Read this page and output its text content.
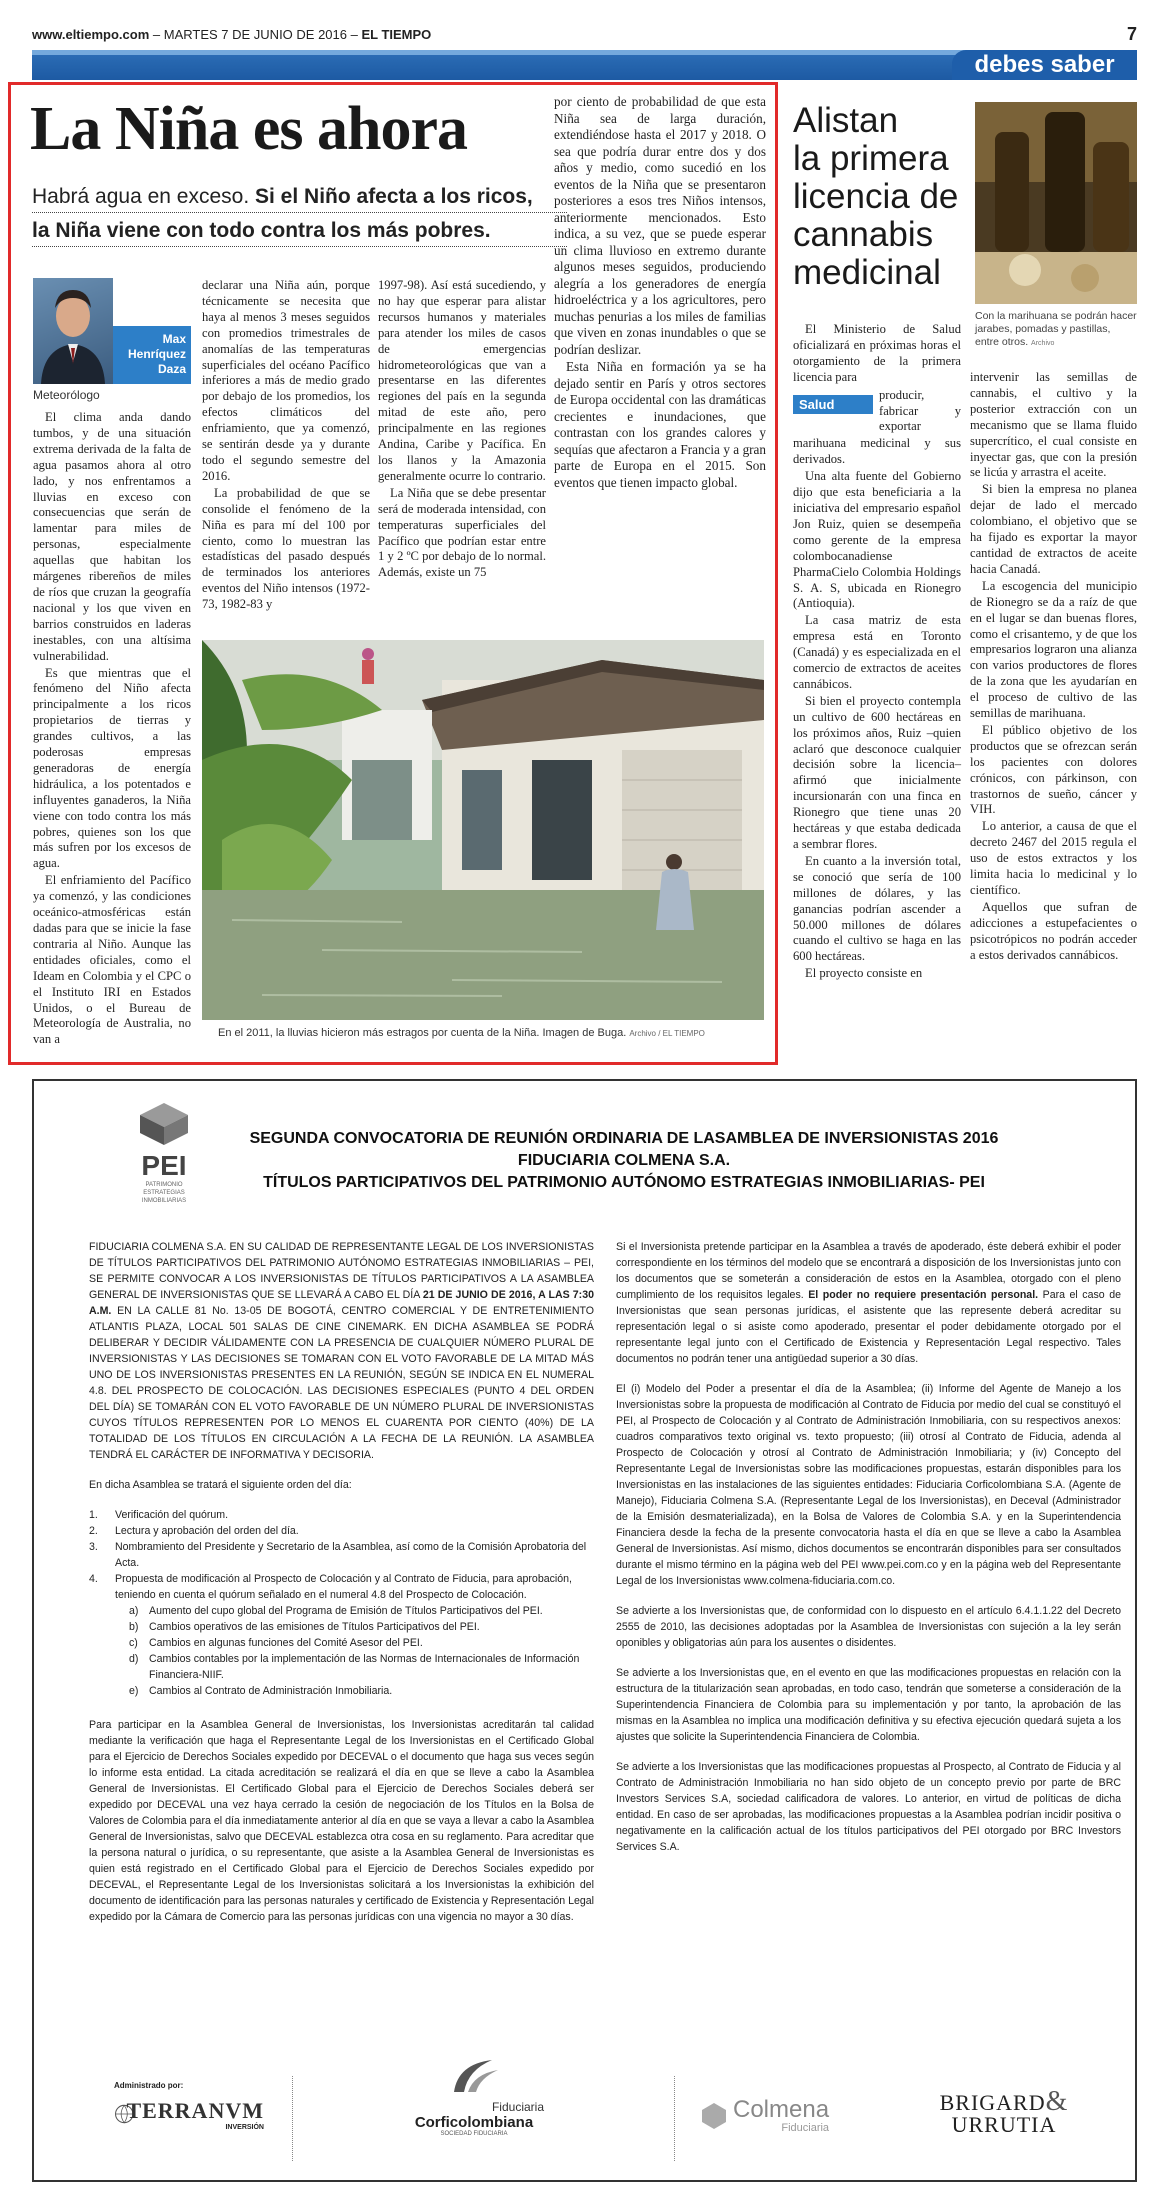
www.eltiempo.com – MARTES 7 DE JUNIO DE 2016 – EL TIEMPO	7
debes saber
La Niña es ahora
Habrá agua en exceso. Si el Niño afecta a los ricos,
la Niña viene con todo contra los más pobres.
Max
Henríquez
Daza
Meteorólogo

El clima anda dando tumbos, y de una situación extrema derivada de la falta de agua pasamos ahora al otro lado, y nos enfrentamos a lluvias en exceso con consecuencias que serán de lamentar para miles de personas, especialmente aquellas que habitan los márgenes ribereños de miles de ríos que cruzan la geografía nacional y los que viven en barrios construidos en laderas inestables, con una altísima vulnerabilidad.

Es que mientras que el fenómeno del Niño afecta principalmente a los ricos propietarios de tierras y grandes cultivos, a las poderosas empresas generadoras de energía hidráulica, a los potentados e influyentes ganaderos, la Niña viene con todo contra los más pobres, quienes son los que más sufren por los excesos de agua.

El enfriamiento del Pacífico ya comenzó, y las condiciones oceánico-atmosféricas están dadas para que se inicie la fase contraria al Niño. Aunque las entidades oficiales, como el Ideam en Colombia y el CPC o el Instituto IRI en Estados Unidos, o el Bureau de Meteorología de Australia, no van a

declarar una Niña aún, porque técnicamente se necesita que haya al menos 3 meses seguidos con promedios trimestrales de anomalías de las temperaturas superficiales del océano Pacífico inferiores a más de medio grado por debajo de los promedios, los efectos climáticos del enfriamiento, que ya comenzó, se sentirán desde ya y durante todo el segundo semestre del 2016.

La probabilidad de que se consolide el fenómeno de la Niña es para mí del 100 por ciento, como lo muestran las estadísticas del pasado después de terminados los anteriores eventos del Niño intensos (1972-73, 1982-83 y

1997-98). Así está sucediendo, y no hay que esperar para alistar recursos humanos y materiales para atender los miles de casos de emergencias hidrometeorológicas que van a presentarse en las diferentes regiones del país en la segunda mitad de este año, pero principalmente en las regiones Andina, Caribe y Pacífica. En los llanos y la Amazonia generalmente ocurre lo contrario.

La Niña que se debe presentar será de moderada intensidad, con temperaturas superficiales del Pacífico que podrían estar entre 1 y 2 ºC por debajo de lo normal. Además, existe un 75

por ciento de probabilidad de que esta Niña sea de larga duración, extendiéndose hasta el 2017 y 2018. O sea que podría durar entre dos y dos años y medio, como sucedió en los eventos de la Niña que se presentaron posteriores a esos tres Niños intensos, anteriormente mencionados. Esto indica, a su vez, que se puede esperar un clima lluvioso en extremo durante algunos meses seguidos, produciendo alegría a los generadores de energía hidroeléctrica y a los agricultores, pero muchas penurias a los miles de familias que viven en zonas inundables o que se podrían deslizar.

Esta Niña en formación ya se ha dejado sentir en París y otros sectores de Europa occidental con las dramáticas crecientes e inundaciones, que contrastan con los grandes calores y sequías que afectaron a Francia y a gran parte de Europa en el 2015. Son eventos que tienen impacto global.

En el 2011, la lluvias hicieron más estragos por cuenta de la Niña. Imagen de Buga. Archivo / EL TIEMPO
Alistan
la primera
licencia de
cannabis
medicinal
Con la marihuana se podrán hacer jarabes, pomadas y pastillas, entre otros. Archivo

El Ministerio de Salud oficializará en próximas horas el otorgamiento de la primera licencia para

Salud

producir, fabricar y exportar

marihuana medicinal y sus derivados.

Una alta fuente del Gobierno dijo que esta beneficiaria a la iniciativa del empresario español Jon Ruiz, quien se desempeña como gerente de la empresa colombocanadiense PharmaCielo Colombia Holdings S. A. S, ubicada en Rionegro (Antioquia).

La casa matriz de esta empresa está en Toronto (Canadá) y es especializada en el comercio de extractos de aceites cannábicos.

Si bien el proyecto contempla un cultivo de 600 hectáreas en los próximos años, Ruiz –quien aclaró que desconoce cualquier decisión sobre la licencia– afirmó que inicialmente incursionarán con una finca en Rionegro que tiene unas 20 hectáreas y que estaba dedicada a sembrar flores.

En cuanto a la inversión total, se conoció que sería de 100 millones de dólares, y las ganancias podrían ascender a 50.000 millones de dólares cuando el cultivo se haga en las 600 hectáreas.

El proyecto consiste en

intervenir las semillas de cannabis, el cultivo y la posterior extracción con un mecanismo que se llama fluido supercrítico, el cual consiste en inyectar gas, que con la presión se licúa y arrastra el aceite.

Si bien la empresa no planea dejar de lado el mercado colombiano, el objetivo que se ha fijado es exportar la mayor cantidad de extractos de aceite hacia Canadá.

La escogencia del municipio de Rionegro se da a raíz de que en el lugar se dan buenas flores, como el crisantemo, y de que los empresarios lograron una alianza con varios productores de flores de la zona que les ayudarían en el proceso de cultivo de las semillas de marihuana.

El público objetivo de los productos que se ofrezcan serán los pacientes con dolores crónicos, con párkinson, con trastornos de sueño, cáncer y VIH.

Lo anterior, a causa de que el decreto 2467 del 2015 regula el uso de estos extractos y los limita hacia lo medicinal y lo científico.

Aquellos que sufran de adicciones a estupefacientes o psicotrópicos no podrán acceder a estos derivados cannábicos.

PEI
PATRIMONIO ESTRATEGIAS INMOBILIARIAS
SEGUNDA CONVOCATORIA DE REUNIÓN ORDINARIA DE LASAMBLEA DE INVERSIONISTAS 2016
FIDUCIARIA COLMENA S.A.
TÍTULOS PARTICIPATIVOS DEL PATRIMONIO AUTÓNOMO ESTRATEGIAS INMOBILIARIAS- PEI
FIDUCIARIA COLMENA S.A. EN SU CALIDAD DE REPRESENTANTE LEGAL DE LOS INVERSIONISTAS DE TÍTULOS PARTICIPATIVOS DEL PATRIMONIO AUTÓNOMO ESTRATEGIAS INMOBILIARIAS – PEI, SE PERMITE CONVOCAR A LOS INVERSIONISTAS DE TÍTULOS PARTICIPATIVOS A LA ASAMBLEA GENERAL DE INVERSIONISTAS QUE SE LLEVARÁ A CABO EL DÍA 21 DE JUNIO DE 2016, A LAS 7:30 A.M. EN LA CALLE 81 No. 13-05 DE BOGOTÁ, CENTRO COMERCIAL Y DE ENTRETENIMIENTO ATLANTIS PLAZA, LOCAL 501 SALAS DE CINE CINEMARK. EN DICHA ASAMBLEA SE PODRÁ DELIBERAR Y DECIDIR VÁLIDAMENTE CON LA PRESENCIA DE CUALQUIER NÚMERO PLURAL DE INVERSIONISTAS Y LAS DECISIONES SE TOMARAN CON EL VOTO FAVORABLE DE LA MITAD MÁS UNO DE LOS INVERSIONISTAS PRESENTES EN LA REUNIÓN, SEGÚN SE INDICA EN EL NUMERAL 4.8. DEL PROSPECTO DE COLOCACIÓN. LAS DECISIONES ESPECIALES (PUNTO 4 DEL ORDEN DEL DÍA) SE TOMARÁN CON EL VOTO FAVORABLE DE UN NÚMERO PLURAL DE INVERSIONISTAS CUYOS TÍTULOS REPRESENTEN POR LO MENOS EL CUARENTA POR CIENTO (40%) DE LA TOTALIDAD DE LOS TÍTULOS EN CIRCULACIÓN A LA FECHA DE LA REUNIÓN. LA ASAMBLEA TENDRÁ EL CARÁCTER DE INFORMATIVA Y DECISORIA.
En dicha Asamblea se tratará el siguiente orden del día:
1.	Verificación del quórum.
2.	Lectura y aprobación del orden del día.
3.	Nombramiento del Presidente y Secretario de la Asamblea, así como de la Comisión Aprobatoria del Acta.
4.	Propuesta de modificación al Prospecto de Colocación y al Contrato de Fiducia, para aprobación, teniendo en cuenta el quórum señalado en el numeral 4.8 del Prospecto de Colocación.
a) Aumento del cupo global del Programa de Emisión de Títulos Participativos del PEI.
b) Cambios operativos de las emisiones de Títulos Participativos del PEI.
c)	Cambios en algunas funciones del Comité Asesor del PEI.
d) Cambios contables por la implementación de las Normas de Internacionales de Información Financiera-NIIF.
e) Cambios al Contrato de Administración Inmobiliaria.
Para participar en la Asamblea General de Inversionistas, los Inversionistas acreditarán tal calidad mediante la verificación que haga el Representante Legal de los Inversionistas en el Certificado Global para el Ejercicio de Derechos Sociales expedido por DECEVAL o el documento que haga sus veces según lo informe esta entidad. La citada acreditación se realizará el día en que se lleve a cabo la Asamblea General de Inversionistas. El Certificado Global para el Ejercicio de Derechos Sociales deberá ser expedido por DECEVAL una vez haya cerrado la cesión de negociación de los Títulos en la Bolsa de Valores de Colombia para el día inmediatamente anterior al día en que se vaya a llevar a cabo la Asamblea General de Inversionistas, salvo que DECEVAL establezca otra cosa en su reglamento. Para acreditar que la persona natural o jurídica, o su representante, que asiste a la Asamblea General de Inversionistas es quien está registrado en el Certificado Global para el Ejercicio de Derechos Sociales expedido por DECEVAL, el Representante Legal de los Inversionistas solicitará a los Inversionistas la exhibición del documento de identificación para las personas naturales y certificado de Existencia y Representación Legal expedido por la Cámara de Comercio para las personas jurídicas con una vigencia no mayor a 30 días.
Si el Inversionista pretende participar en la Asamblea a través de apoderado, éste deberá exhibir el poder correspondiente en los términos del modelo que se encontrará a disposición de los Inversionistas junto con los documentos que se someterán a consideración de estos en la Asamblea, otorgado con el pleno cumplimiento de los requisitos legales. El poder no requiere presentación personal. Para el caso de Inversionistas que sean personas jurídicas, el asistente que las represente deberá acreditar su representación legal o si asiste como apoderado, presentar el poder debidamente otorgado por el representante legal junto con el Certificado de Existencia y Representación Legal respectivo. Tales documentos no podrán tener una antigüedad superior a 30 días.
El (i) Modelo del Poder a presentar el día de la Asamblea; (ii) Informe del Agente de Manejo a los Inversionistas sobre la propuesta de modificación al Contrato de Fiducia por medio del cual se constituyó el PEI, al Prospecto de Colocación y al Contrato de Administración Inmobiliaria, con su respectivos anexos: cuadros comparativos texto original vs. texto propuesto; (iii) otrosí al Contrato de Fiducia, adenda al Prospecto de Colocación y otrosí al Contrato de Administración Inmobiliaria; y (iv) Concepto del Representante Legal de Inversionistas sobre las modificaciones propuestas, estarán disponibles para los Inversionistas en las instalaciones de las siguientes entidades: Fiduciaria Corficolombiana S.A. (Agente de Manejo), Fiduciaria Colmena S.A. (Representante Legal de los Inversionistas), en Deceval (Administrador de la Emisión desmaterializada), en la Bolsa de Valores de Colombia S.A. y en la Superintendencia Financiera desde la fecha de la presente convocatoria hasta el día en que se lleve a cabo la Asamblea General de Inversionistas. Así mismo, dichos documentos se encontrarán disponibles para ser consultados durante el mismo término en la página web del PEI www.pei.com.co y en la página web del Representante Legal de los Inversionistas www.colmena-fiduciaria.com.co.
Se advierte a los Inversionistas que, de conformidad con lo dispuesto en el artículo 6.4.1.1.22 del Decreto 2555 de 2010, las decisiones adoptadas por la Asamblea de Inversionistas con sujeción a la ley serán oponibles y obligatorias aún para los ausentes o disidentes.
Se advierte a los Inversionistas que, en el evento en que las modificaciones propuestas en relación con la estructura de la titularización sean aprobadas, en todo caso, tendrán que someterse a consideración de la Superintendencia Financiera de Colombia para su implementación y por tanto, la aprobación de las mismas en la Asamblea no implica una modificación definitiva y su efectiva ejecución quedará sujeta a los ajustes que solicite la Superintendencia Financiera de Colombia.
Se advierte a los Inversionistas que las modificaciones propuestas al Prospecto, al Contrato de Fiducia y al Contrato de Administración Inmobiliaria no han sido objeto de un concepto previo por parte de BRC Investors Services S.A, sociedad calificadora de valores. Lo anterior, en virtud de políticas de dicha entidad. En caso de ser aprobadas, las modificaciones propuestas a la Asamblea podrían incidir positiva o negativamente en la calificación actual de los títulos participativos del PEI otorgado por BRC Investors Services S.A.
Administrado por:
TERRANVM
INVERSIÓN
Fiduciaria
Corficolombiana
SOCIEDAD FIDUCIARIA
Colmena
Fiduciaria
BRIGARD&
URRUTIA
